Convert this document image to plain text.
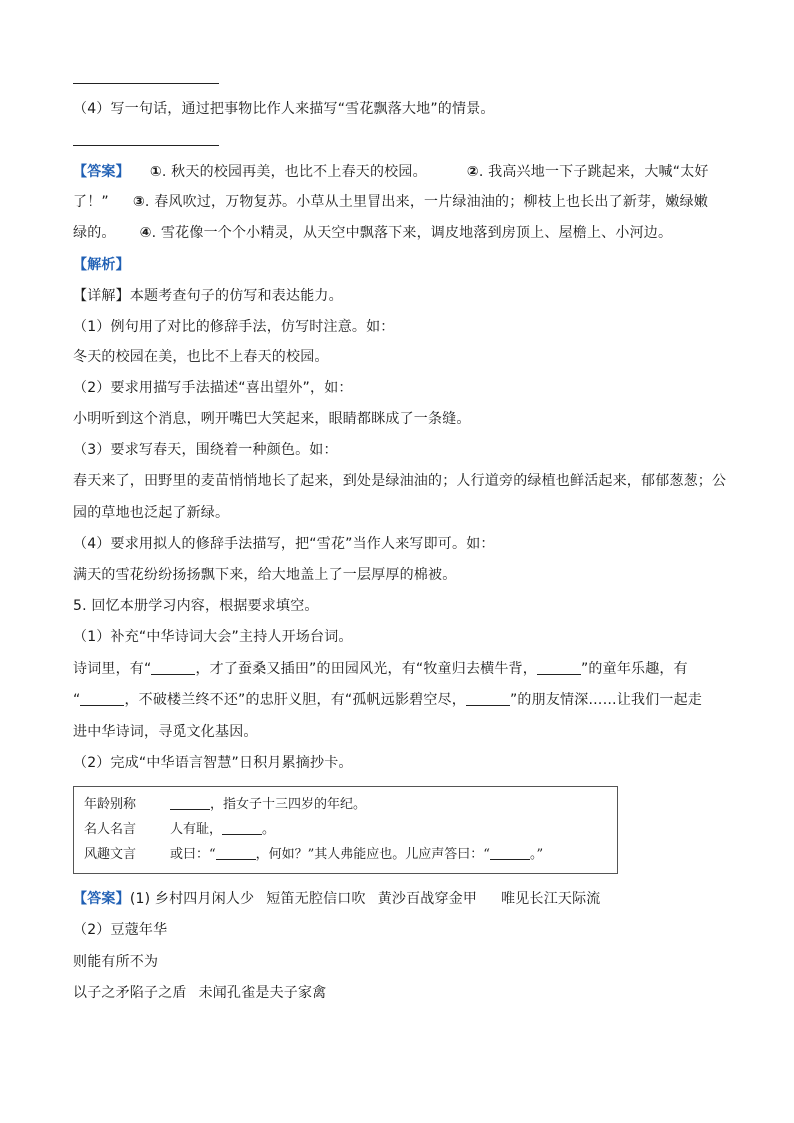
（4）写一句话，通过把事物比作人来描写“雪花飘落大地”的情景。
【答案】 ①. 秋天的校园再美，也比不上春天的校园。	②. 我高兴地一下子跳起来，大喊“太好
了！” ③. 春风吹过，万物复苏。小草从土里冒出来，一片绿油油的；柳枝上也长出了新芽，嫩绿嫩
绿的。 ④. 雪花像一个个小精灵，从天空中飘落下来，调皮地落到房顶上、屋檐上、小河边。
【解析】
【详解】本题考查句子的仿写和表达能力。
（1）例句用了对比的修辞手法，仿写时注意。如：
冬天的校园在美，也比不上春天的校园。
（2）要求用描写手法描述“喜出望外”，如：
小明听到这个消息，咧开嘴巴大笑起来，眼睛都眯成了一条缝。
（3）要求写春天，围绕着一种颜色。如：
春天来了，田野里的麦苗悄悄地长了起来，到处是绿油油的；人行道旁的绿植也鲜活起来，郁郁葱葱；公
园的草地也泛起了新绿。
（4）要求用拟人的修辞手法描写，把“雪花”当作人来写即可。如：
满天的雪花纷纷扬扬飘下来，给大地盖上了一层厚厚的棉被。
5. 回忆本册学习内容，根据要求填空。
（1）补充“中华诗词大会”主持人开场台词。
诗词里，有“	，才了蚕桑又插田”的田园风光，有“牧童归去横牛背，	”的童年乐趣，有
“	，不破楼兰终不还”的忠肝义胆，有“孤帆远影碧空尽，	”的朋友情深……让我们一起走
进中华诗词，寻觅文化基因。
（2）完成“中华语言智慧”日积月累摘抄卡。
年龄别称	，指女子十三四岁的年纪。
名人名言	人有耻，	。
风趣文言	或曰：“	，何如？”其人弗能应也。儿应声答曰：“	。”
【答案】(1) 乡村四月闲人少 短笛无腔信口吹 黄沙百战穿金甲 唯见长江天际流
（2）豆蔻年华
则能有所不为
以子之矛陷子之盾 未闻孔雀是夫子家禽
